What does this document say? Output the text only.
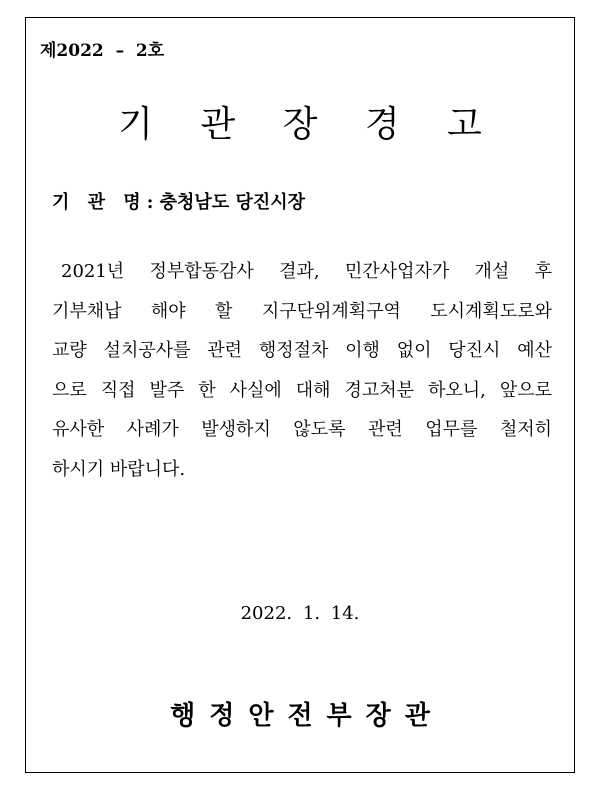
제2022  –  2호
기 관 장 경 고
기 관 명: 충청남도 당진시장
2021년 정부합동감사 결과, 민간사업자가 개설 후
기부채납 해야 할 지구단위계획구역 도시계획도로와
교량 설치공사를 관련 행정절차 이행 없이 당진시 예산
으로 직접 발주 한 사실에 대해 경고처분 하오니, 앞으로
유사한 사례가 발생하지 않도록 관련 업무를 철저히
하시기 바랍니다.
2022. 1. 14.
행정안전부장관
